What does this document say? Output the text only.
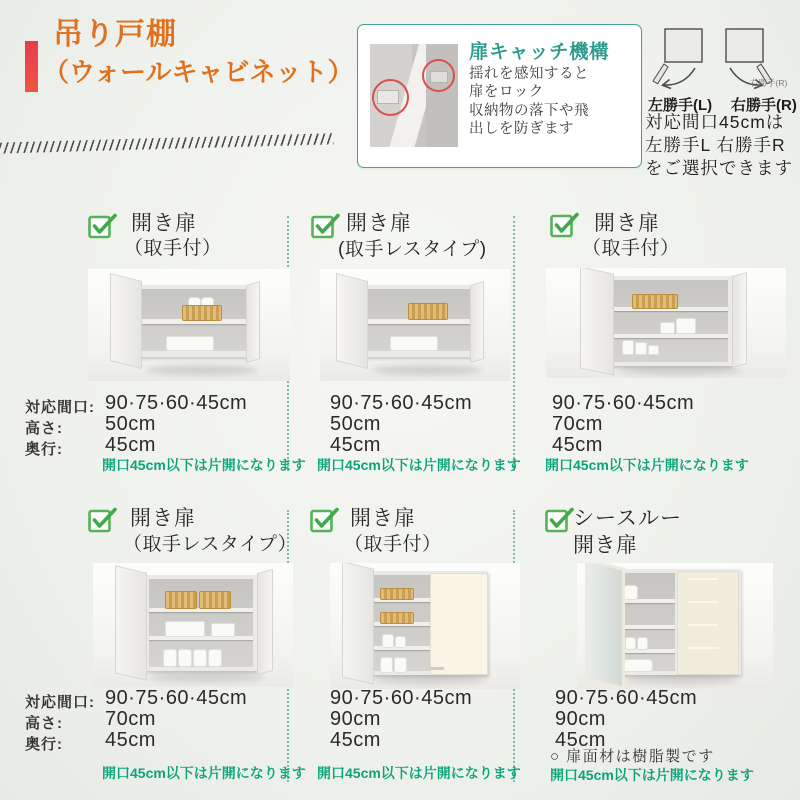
吊り戸棚
（ウォールキャビネット）
扉キャッチ機構
揺れを感知すると
扉をロック
収納物の落下や飛
出しを防ぎます
右勝手(R)
左勝手(L) 右勝手(R)
対応間口45cmは
左勝手L 右勝手R
をご選択できます
開き扉
（取手付）
対応間口:
高さ:
奥行:
90·75·60·45cm
50cm
45cm
開口45cm以下は片開になります
開き扉
(取手レスタイプ)
90·75·60·45cm
50cm
45cm
開口45cm以下は片開になります
開き扉
（取手付）
90·75·60·45cm
70cm
45cm
開口45cm以下は片開になります
開き扉
（取手レスタイプ）
対応間口:
高さ:
奥行:
90·75·60·45cm
70cm
45cm
開口45cm以下は片開になります
開き扉
（取手付）
90·75·60·45cm
90cm
45cm
開口45cm以下は片開になります
シースルー
開き扉
90·75·60·45cm
90cm
45cm
○ 扉面材は樹脂製です
開口45cm以下は片開になります
